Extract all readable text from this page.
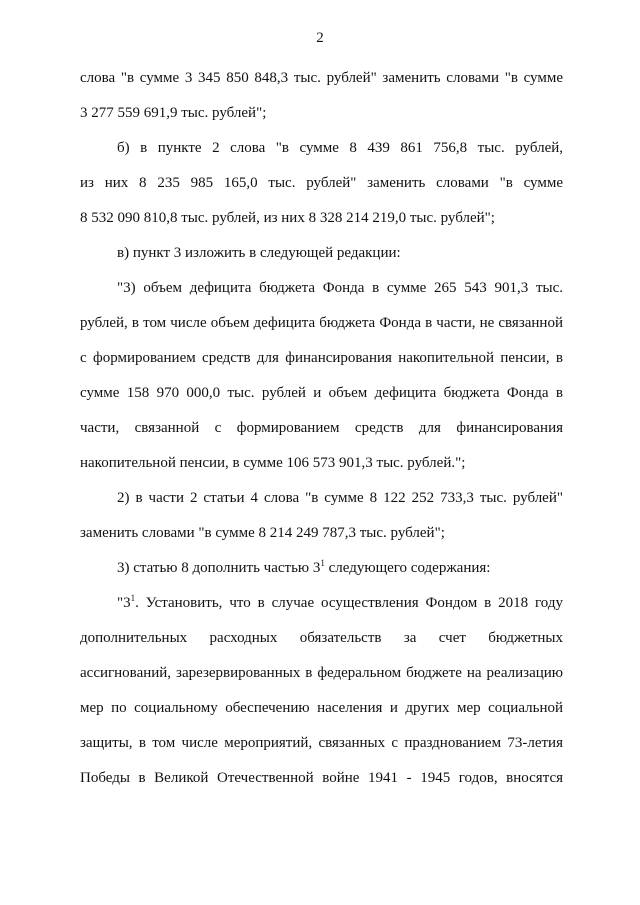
2
слова "в сумме 3 345 850 848,3 тыс. рублей" заменить словами "в сумме
3 277 559 691,9 тыс. рублей";
б) в пункте 2 слова "в сумме 8 439 861 756,8 тыс. рублей,
из них 8 235 985 165,0 тыс. рублей" заменить словами "в сумме
8 532 090 810,8 тыс. рублей, из них 8 328 214 219,0 тыс. рублей";
в) пункт 3 изложить в следующей редакции:
"3) объем дефицита бюджета Фонда в сумме 265 543 901,3 тыс.
рублей, в том числе объем дефицита бюджета Фонда в части, не связанной
с формированием средств для финансирования накопительной пенсии, в
сумме 158 970 000,0 тыс. рублей и объем дефицита бюджета Фонда в
части, связанной с формированием средств для финансирования
накопительной пенсии, в сумме 106 573 901,3 тыс. рублей.";
2) в части 2 статьи 4 слова "в сумме 8 122 252 733,3 тыс. рублей"
заменить словами "в сумме 8 214 249 787,3 тыс. рублей";
3) статью 8 дополнить частью $3^1$ следующего содержания:
"$3^1$. Установить, что в случае осуществления Фондом в 2018 году
дополнительных расходных обязательств за счет бюджетных
ассигнований, зарезервированных в федеральном бюджете на реализацию
мер по социальному обеспечению населения и других мер социальной
защиты, в том числе мероприятий, связанных с празднованием 73-летия
Победы в Великой Отечественной войне 1941 - 1945 годов, вносятся
